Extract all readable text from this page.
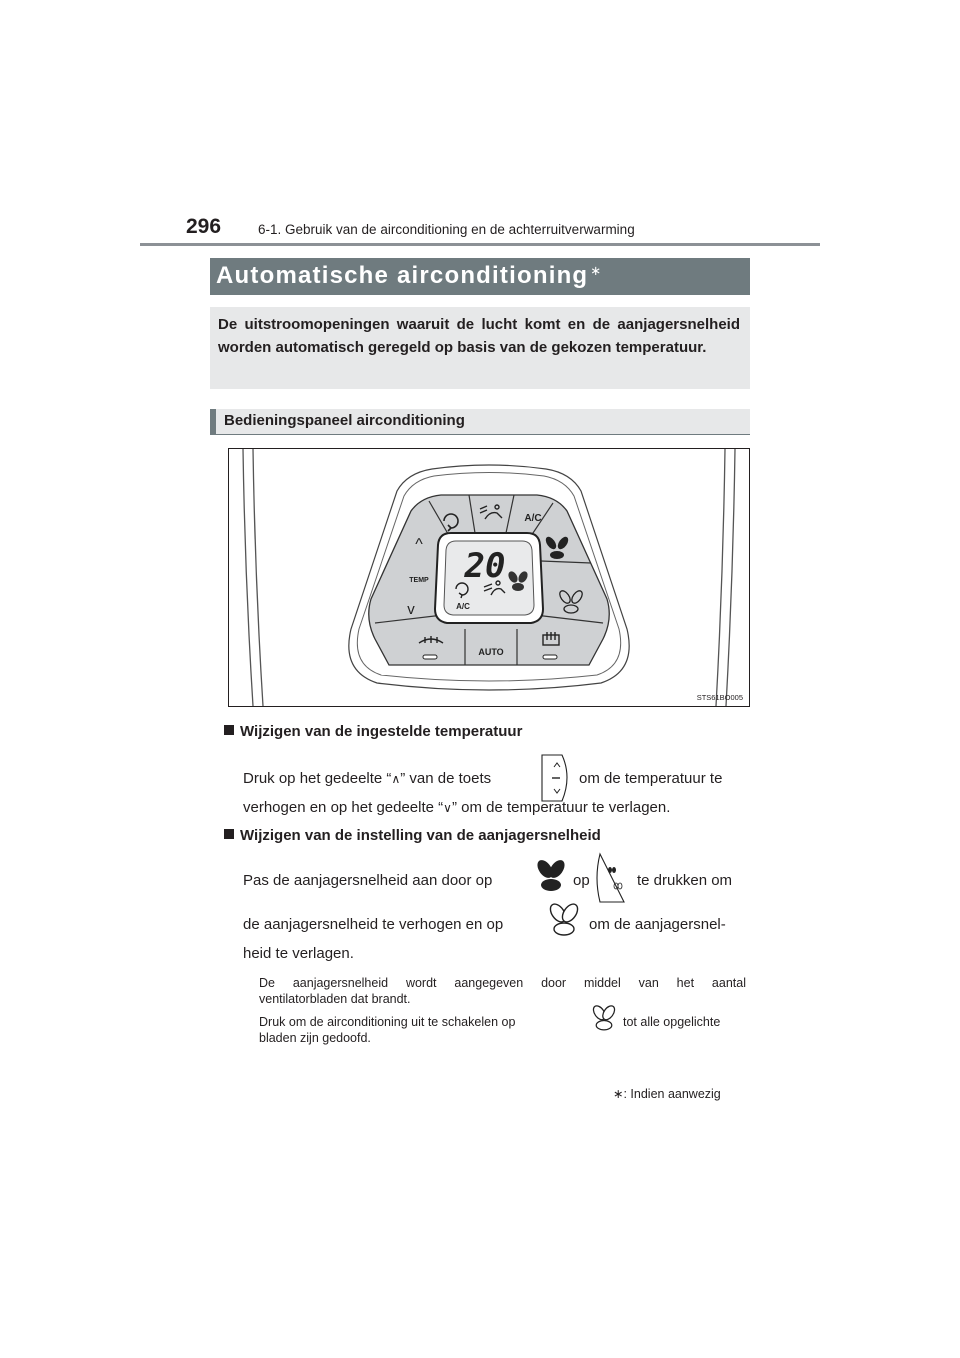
296	6-1. Gebruik van de airconditioning en de achterruitverwarming
Automatische airconditioning ∗
De uitstroomopeningen waaruit de lucht komt en de aanjagersnelheid worden automatisch geregeld op basis van de gekozen temperatuur.
Bedieningspaneel airconditioning
20
A/C
A/C
^
TEMP
v
AUTO
STS61BO005
Wijzigen van de ingestelde temperatuur
Druk op het gedeelte “∧” van de toets	om de temperatuur te
verhogen en op het gedeelte “∨” om de temperatuur te verlagen.
Wijzigen van de instelling van de aanjagersnelheid
Pas de aanjagersnelheid aan door op	op	te drukken om
de aanjagersnelheid te verhogen en op	om de aanjagersnel-
heid te verlagen.
De aanjagersnelheid wordt aangegeven door middel van het aantal
ventilatorbladen dat brandt.
Druk om de airconditioning uit te schakelen op	tot alle opgelichte
bladen zijn gedoofd.
∗: Indien aanwezig
